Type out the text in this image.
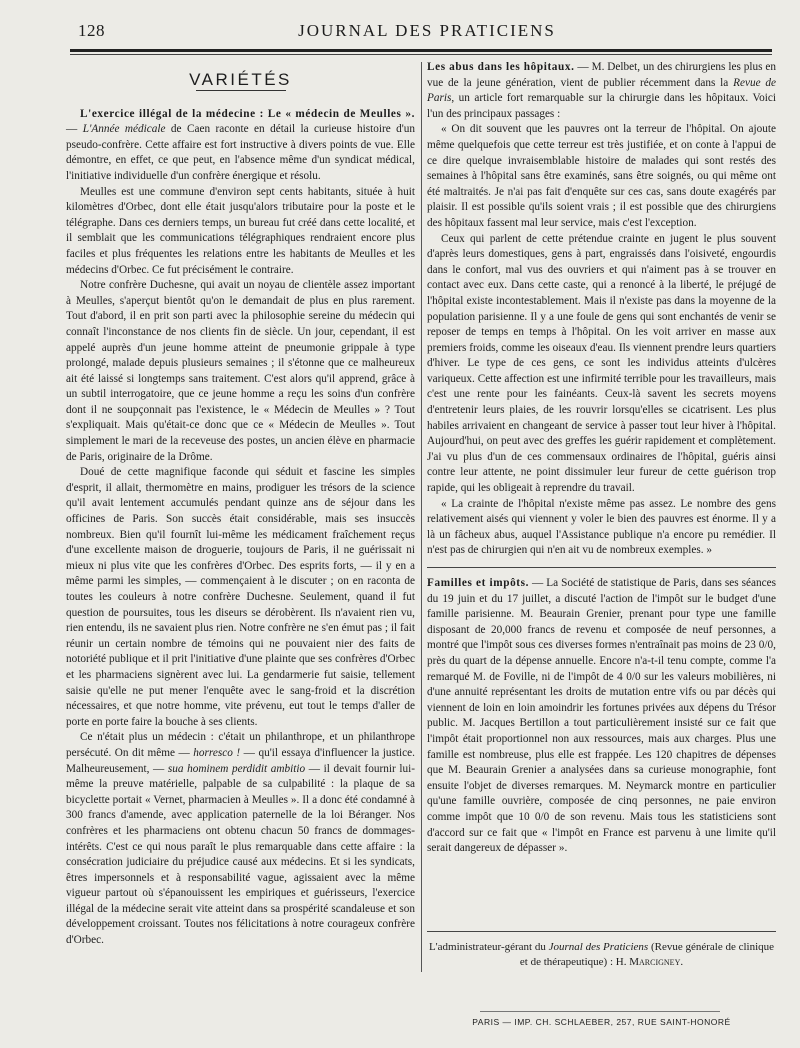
128	JOURNAL DES PRATICIENS
VARIÉTÉS

L'exercice illégal de la médecine : Le « médecin de Meulles ». — L'Année médicale de Caen raconte en détail la curieuse histoire d'un pseudo-confrère. Cette affaire est fort instructive à divers points de vue. Elle démontre, en effet, ce que peut, en l'absence même d'un syndicat médical, l'initiative individuelle d'un confrère énergique et résolu.

Meulles est une commune d'environ sept cents habitants, située à huit kilomètres d'Orbec, dont elle était jusqu'alors tributaire pour la poste et le télégraphe. Dans ces derniers temps, un bureau fut créé dans cette localité, et il semblait que les communications télégraphiques rendraient encore plus faciles et plus fréquentes les relations entre les habitants de Meulles et les médecins d'Orbec. Ce fut précisément le contraire.

Notre confrère Duchesne, qui avait un noyau de clientèle assez important à Meulles, s'aperçut bientôt qu'on le demandait de plus en plus rarement. Tout d'abord, il en prit son parti avec la philosophie sereine du médecin qui connaît l'inconstance de nos clients fin de siècle. Un jour, cependant, il est appelé auprès d'un jeune homme atteint de pneumonie grippale à type prolongé, malade depuis plusieurs semaines ; il s'étonne que ce malheureux ait été laissé si longtemps sans traitement. C'est alors qu'il apprend, grâce à un subtil interrogatoire, que ce jeune homme a reçu les soins d'un confrère dont il ne soupçonnait pas l'existence, le « Médecin de Meulles » ? Tout s'expliquait. Mais qu'était-ce donc que ce « Médecin de Meulles ». Tout simplement le mari de la receveuse des postes, un ancien élève en pharmacie de Paris, originaire de la Drôme.

Doué de cette magnifique faconde qui séduit et fascine les simples d'esprit, il allait, thermomètre en mains, prodiguer les trésors de la science qu'il avait lentement accumulés pendant quinze ans de séjour dans les officines de Paris. Son succès était considérable, mais ses insuccès nombreux. Bien qu'il fournît lui-même les médicament fraîchement reçus d'une excellente maison de droguerie, toujours de Paris, il ne guérissait ni mieux ni plus vite que les confrères d'Orbec. Des esprits forts, — il y en a même parmi les simples, — commençaient à le discuter ; on en raconta de toutes les couleurs à notre confrère Duchesne. Seulement, quand il fut question de poursuites, tous les diseurs se dérobèrent. Ils n'avaient rien vu, rien entendu, ils ne savaient plus rien. Notre confrère ne s'en émut pas ; il fait réunir un certain nombre de témoins qui ne pouvaient nier des faits de notoriété publique et il prit l'initiative d'une plainte que ses confrères d'Orbec et les pharmaciens signèrent avec lui. La gendarmerie fut saisie, tellement saisie qu'elle ne put mener l'enquête avec le sang-froid et la discrétion nécessaires, et que notre homme, vite prévenu, eut tout le temps d'aller de porte en porte faire la bouche à ses clients.

Ce n'était plus un médecin : c'était un philanthrope, et un philanthrope persécuté. On dit même — horresco ! — qu'il essaya d'influencer la justice. Malheureusement, — sua hominem perdidit ambitio — il devait fournir lui-même la preuve matérielle, palpable de sa culpabilité : la plaque de sa bicyclette portait « Vernet, pharmacien à Meulles ». Il a donc été condamné à 300 francs d'amende, avec application paternelle de la loi Béranger. Nos confrères et les pharmaciens ont obtenu chacun 50 francs de dommages-intérêts. C'est ce qui nous paraît le plus remarquable dans cette affaire : la consécration judiciaire du préjudice causé aux médecins. Et si les syndicats, êtres impersonnels et à responsabilité vague, agissaient avec la même vigueur partout où s'épanouissent les empiriques et guérisseurs, l'exercice illégal de la médecine serait vite atteint dans sa prospérité scandaleuse et son développement croissant. Toutes nos félicitations à notre courageux confrère d'Orbec.

Les abus dans les hôpitaux. — M. Delbet, un des chirurgiens les plus en vue de la jeune génération, vient de publier récemment dans la Revue de Paris, un article fort remarquable sur la chirurgie dans les hôpitaux. Voici l'un des principaux passages :

« On dit souvent que les pauvres ont la terreur de l'hôpital. On ajoute même quelquefois que cette terreur est très justifiée, et on conte à l'appui de ce dire quelque invraisemblable histoire de malades qui sont restés des semaines à l'hôpital sans être examinés, sans être soignés, ou qui même ont été maltraités. Je n'ai pas fait d'enquête sur ces cas, sans doute exagérés par plaisir. Il est possible qu'ils soient vrais ; il est possible que des chirurgiens des hôpitaux fassent mal leur service, mais c'est l'exception.

Ceux qui parlent de cette prétendue crainte en jugent le plus souvent d'après leurs domestiques, gens à part, engraissés dans l'oisiveté, engourdis dans le confort, mal vus des ouvriers et qui n'aiment pas à se trouver en contact avec eux. Dans cette caste, qui a renoncé à la liberté, le préjugé de l'hôpital existe incontestablement. Mais il n'existe pas dans la moyenne de la population parisienne. Il y a une foule de gens qui sont enchantés de venir se reposer de temps en temps à l'hôpital. On les voit arriver en masse aux premiers froids, comme les oiseaux d'eau. Ils viennent prendre leurs quartiers d'hiver. Le type de ces gens, ce sont les individus atteints d'ulcères variqueux. Cette affection est une infirmité terrible pour les travailleurs, mais c'est une rente pour les fainéants. Ceux-là savent les secrets moyens d'entretenir leurs plaies, de les rouvrir lorsqu'elles se cicatrisent. Les plus habiles arrivaient en changeant de service à passer tout leur hiver à l'hôpital. Aujourd'hui, on peut avec des greffes les guérir rapidement et complètement. J'ai vu plus d'un de ces commensaux ordinaires de l'hôpital, guéris ainsi contre leur attente, ne point dissimuler leur fureur de cette guérison trop rapide, qui les obligeait à reprendre du travail.

« La crainte de l'hôpital n'existe même pas assez. Le nombre des gens relativement aisés qui viennent y voler le bien des pauvres est énorme. Il y a là un fâcheux abus, auquel l'Assistance publique n'a encore pu remédier. Il n'est pas de chirurgien qui n'en ait vu de nombreux exemples. »

Familles et impôts. — La Société de statistique de Paris, dans ses séances du 19 juin et du 17 juillet, a discuté l'action de l'impôt sur le budget d'une famille parisienne. M. Beaurain Grenier, prenant pour type une famille disposant de 20,000 francs de revenu et composée de neuf personnes, a montré que l'impôt sous ces diverses formes n'entraînait pas moins de 23 0/0, près du quart de la dépense annuelle. Encore n'a-t-il tenu compte, comme l'a remarqué M. de Foville, ni de l'impôt de 4 0/0 sur les valeurs mobilières, ni d'une annuité représentant les droits de mutation entre vifs ou par décès qui viennent de loin en loin amoindrir les fortunes privées aux dépens du Trésor public. M. Jacques Bertillon a tout particulièrement insisté sur ce fait que l'impôt était proportionnel non aux ressources, mais aux charges. Plus une famille est nombreuse, plus elle est frappée. Les 120 chapitres de dépenses que M. Beaurain Grenier a analysées dans sa curieuse monographie, font ensuite l'objet de diverses remarques. M. Neymarck montre en particulier qu'une famille ouvrière, composée de cinq personnes, ne paie environ comme impôt que 10 0/0 de son revenu. Mais tous les statisticiens sont d'accord sur ce fait que « l'impôt en France est parvenu à une limite qu'il serait dangereux de dépasser ».

L'administrateur-gérant du Journal des Praticiens (Revue générale de clinique et de thérapeutique) : H. Marcigney.

PARIS — IMP. CH. SCHLAEBER, 257, RUE SAINT-HONORÉ
